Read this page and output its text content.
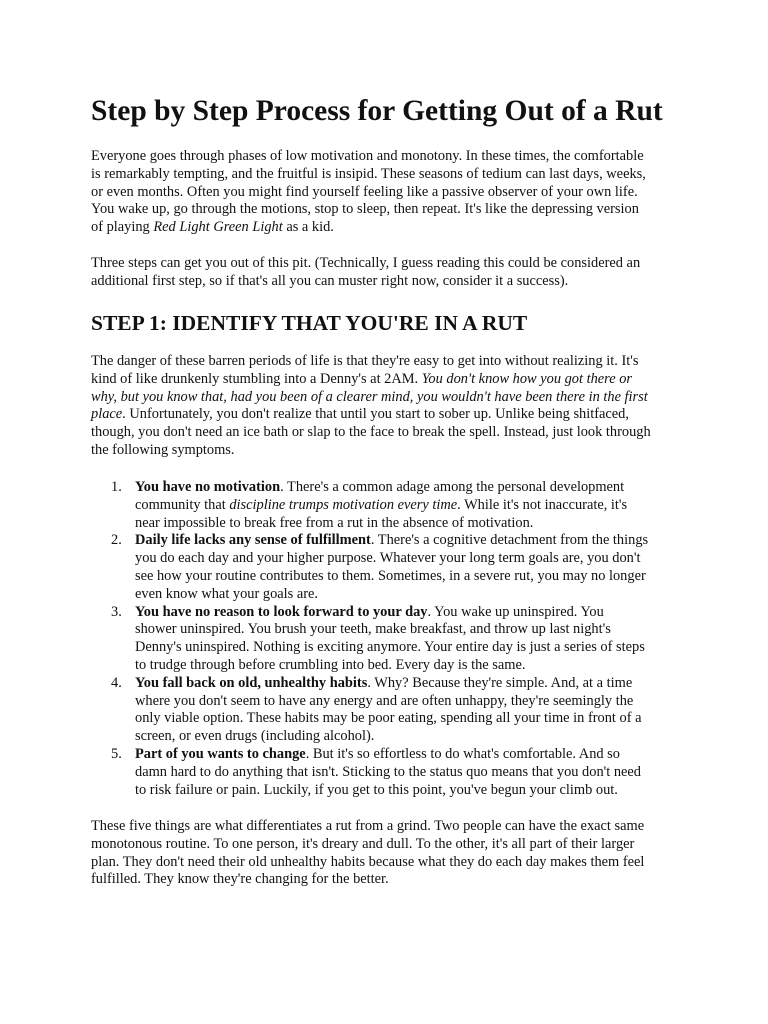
Step by Step Process for Getting Out of a Rut

Everyone goes through phases of low motivation and monotony. In these times, the comfortable
is remarkably tempting, and the fruitful is insipid. These seasons of tedium can last days, weeks,
or even months. Often you might find yourself feeling like a passive observer of your own life.
You wake up, go through the motions, stop to sleep, then repeat. It's like the depressing version
of playing Red Light Green Light as a kid.

Three steps can get you out of this pit. (Technically, I guess reading this could be considered an
additional first step, so if that's all you can muster right now, consider it a success).

STEP 1: IDENTIFY THAT YOU'RE IN A RUT

The danger of these barren periods of life is that they're easy to get into without realizing it. It's
kind of like drunkenly stumbling into a Denny's at 2AM. You don't know how you got there or
why, but you know that, had you been of a clearer mind, you wouldn't have been there in the first
place. Unfortunately, you don't realize that until you start to sober up. Unlike being shitfaced,
though, you don't need an ice bath or slap to the face to break the spell. Instead, just look through
the following symptoms.

1. You have no motivation. There's a common adage among the personal development
community that discipline trumps motivation every time. While it's not inaccurate, it's
near impossible to break free from a rut in the absence of motivation.
2. Daily life lacks any sense of fulfillment. There's a cognitive detachment from the things
you do each day and your higher purpose. Whatever your long term goals are, you don't
see how your routine contributes to them. Sometimes, in a severe rut, you may no longer
even know what your goals are.
3. You have no reason to look forward to your day. You wake up uninspired. You
shower uninspired. You brush your teeth, make breakfast, and throw up last night's
Denny's uninspired. Nothing is exciting anymore. Your entire day is just a series of steps
to trudge through before crumbling into bed. Every day is the same.
4. You fall back on old, unhealthy habits. Why? Because they're simple. And, at a time
where you don't seem to have any energy and are often unhappy, they're seemingly the
only viable option. These habits may be poor eating, spending all your time in front of a
screen, or even drugs (including alcohol).
5. Part of you wants to change. But it's so effortless to do what's comfortable. And so
damn hard to do anything that isn't. Sticking to the status quo means that you don't need
to risk failure or pain. Luckily, if you get to this point, you've begun your climb out.

These five things are what differentiates a rut from a grind. Two people can have the exact same
monotonous routine. To one person, it's dreary and dull. To the other, it's all part of their larger
plan. They don't need their old unhealthy habits because what they do each day makes them feel
fulfilled. They know they're changing for the better.
